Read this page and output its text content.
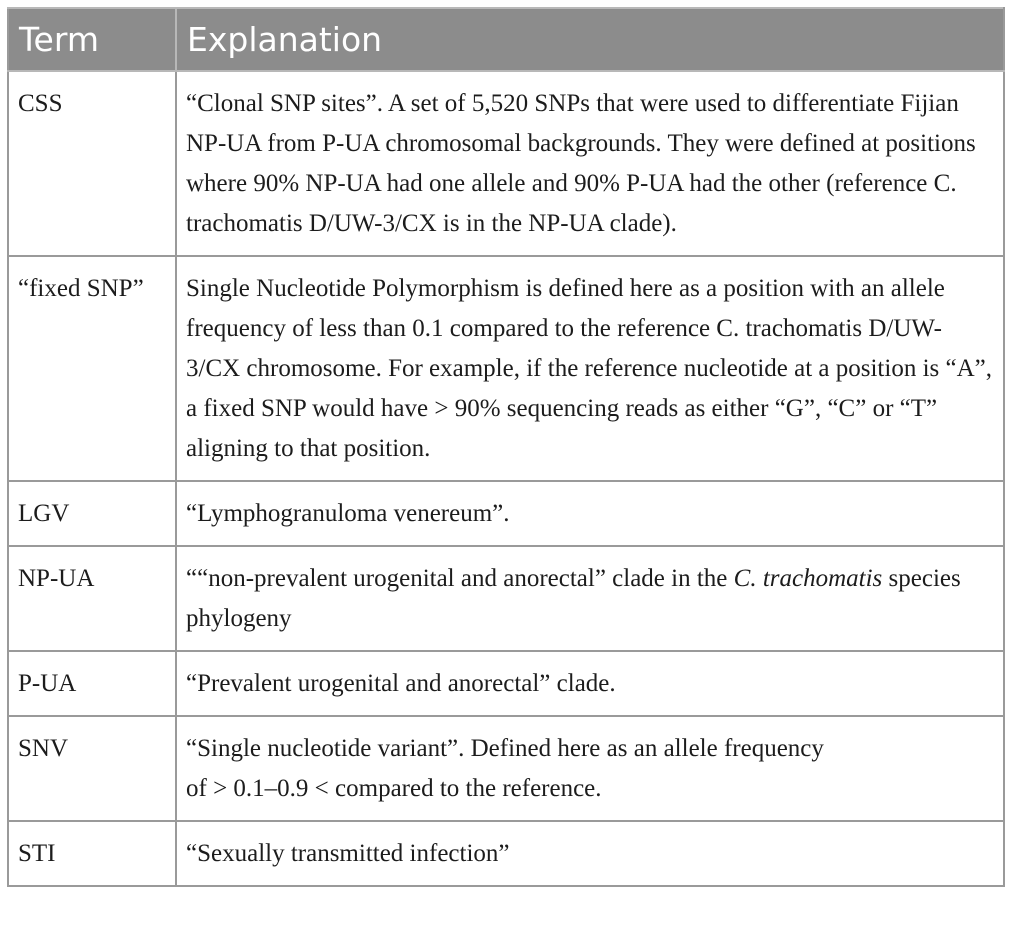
Term	Explanation
CSS	“Clonal SNP sites”. A set of 5,520 SNPs that were used to differentiate Fijian NP-UA from P-UA chromosomal backgrounds. They were defined at positions where 90% NP-UA had one allele and 90% P-UA had the other (reference C. trachomatis D/UW-3/CX is in the NP-UA clade).
“fixed SNP”	Single Nucleotide Polymorphism is defined here as a position with an allele frequency of less than 0.1 compared to the reference C. trachomatis D/UW-3/CX chromosome. For example, if the reference nucleotide at a position is “A”, a fixed SNP would have > 90% sequencing reads as either “G”, “C” or “T” aligning to that position.
LGV	“Lymphogranuloma venereum”.
NP-UA	““non-prevalent urogenital and anorectal” clade in the C. trachomatis species phylogeny
P-UA	“Prevalent urogenital and anorectal” clade.
SNV	“Single nucleotide variant”. Defined here as an allele frequency
of > 0.1–0.9 < compared to the reference.
STI	“Sexually transmitted infection”
